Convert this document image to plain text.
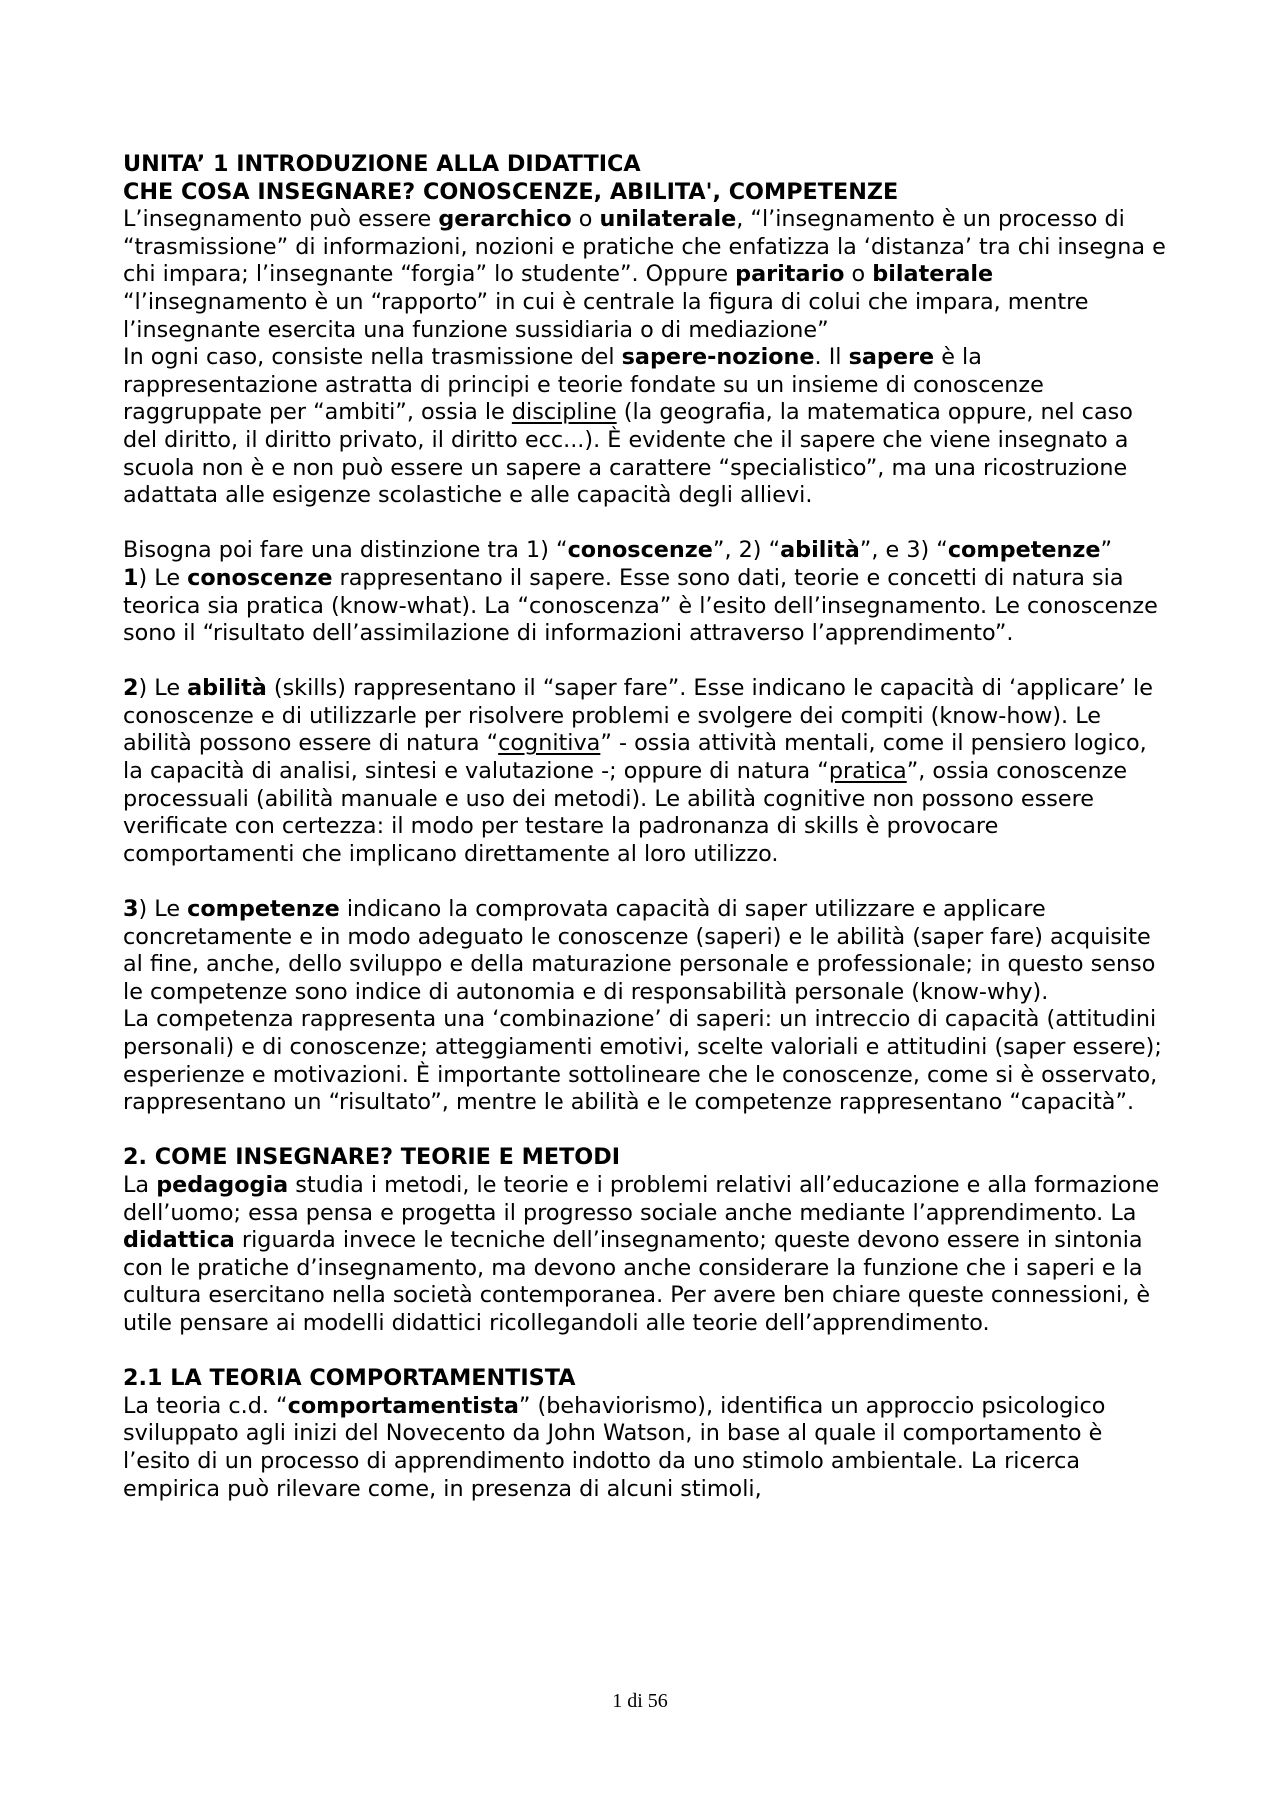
UNITA’ 1 INTRODUZIONE ALLA DIDATTICA

CHE COSA INSEGNARE? CONOSCENZE, ABILITA', COMPETENZE

L’insegnamento può essere gerarchico o unilaterale, “l’insegnamento è un processo di “trasmissione” di informazioni, nozioni e pratiche che enfatizza la ‘distanza’ tra chi insegna e chi impara; l’insegnante “forgia” lo studente”. Oppure paritario o bilaterale “l’insegnamento è un “rapporto” in cui è centrale la figura di colui che impara, mentre l’insegnante esercita una funzione sussidiaria o di mediazione”

In ogni caso, consiste nella trasmissione del sapere-nozione. Il sapere è la rappresentazione astratta di principi e teorie fondate su un insieme di conoscenze raggruppate per “ambiti”, ossia le discipline (la geografia, la matematica oppure, nel caso del diritto, il diritto privato, il diritto ecc...). È evidente che il sapere che viene insegnato a scuola non è e non può essere un sapere a carattere “specialistico”, ma una ricostruzione adattata alle esigenze scolastiche e alle capacità degli allievi.

Bisogna poi fare una distinzione tra 1) “conoscenze”, 2) “abilità”, e 3) “competenze”

1) Le conoscenze rappresentano il sapere. Esse sono dati, teorie e concetti di natura sia teorica sia pratica (know-what). La “conoscenza” è l’esito dell’insegnamento. Le conoscenze sono il “risultato dell’assimilazione di informazioni attraverso l’apprendimento”.

2) Le abilità (skills) rappresentano il “saper fare”. Esse indicano le capacità di ‘applicare’ le conoscenze e di utilizzarle per risolvere problemi e svolgere dei compiti (know-how). Le abilità possono essere di natura “cognitiva” - ossia attività mentali, come il pensiero logico, la capacità di analisi, sintesi e valutazione -; oppure di natura “pratica”, ossia conoscenze processuali (abilità manuale e uso dei metodi). Le abilità cognitive non possono essere verificate con certezza: il modo per testare la padronanza di skills è provocare comportamenti che implicano direttamente al loro utilizzo.

3) Le competenze indicano la comprovata capacità di saper utilizzare e applicare concretamente e in modo adeguato le conoscenze (saperi) e le abilità (saper fare) acquisite al fine, anche, dello sviluppo e della maturazione personale e professionale; in questo senso le competenze sono indice di autonomia e di responsabilità personale (know-why).

La competenza rappresenta una ‘combinazione’ di saperi: un intreccio di capacità (attitudini personali) e di conoscenze; atteggiamenti emotivi, scelte valoriali e attitudini (saper essere); esperienze e motivazioni. È importante sottolineare che le conoscenze, come si è osservato, rappresentano un “risultato”, mentre le abilità e le competenze rappresentano “capacità”.

2. COME INSEGNARE? TEORIE E METODI

La pedagogia studia i metodi, le teorie e i problemi relativi all’educazione e alla formazione dell’uomo; essa pensa e progetta il progresso sociale anche mediante l’apprendimento. La didattica riguarda invece le tecniche dell’insegnamento; queste devono essere in sintonia con le pratiche d’insegnamento, ma devono anche considerare la funzione che i saperi e la cultura esercitano nella società contemporanea. Per avere ben chiare queste connessioni, è utile pensare ai modelli didattici ricollegandoli alle teorie dell’apprendimento.

2.1 LA TEORIA COMPORTAMENTISTA

La teoria c.d. “comportamentista” (behaviorismo), identifica un approccio psicologico sviluppato agli inizi del Novecento da John Watson, in base al quale il comportamento è l’esito di un processo di apprendimento indotto da uno stimolo ambientale. La ricerca empirica può rilevare come, in presenza di alcuni stimoli,

1 di 56
